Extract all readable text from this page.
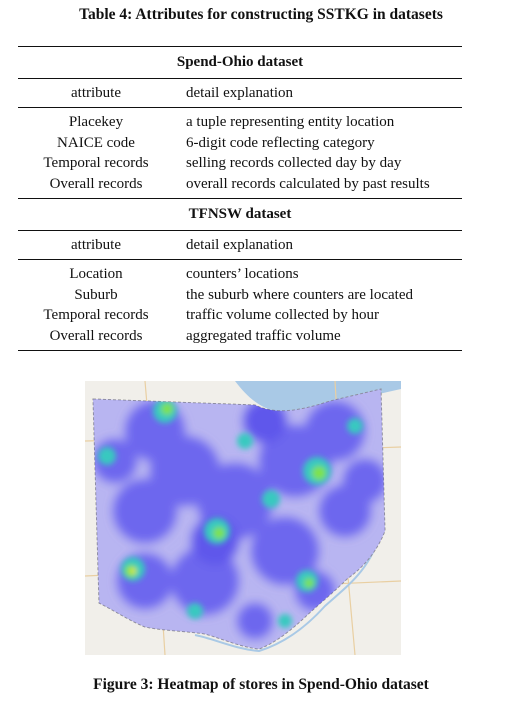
Table 4: Attributes for constructing SSTKG in datasets

Spend-Ohio dataset	
attribute	detail explanation
Placekey	a tuple representing entity location
NAICE code	6-digit code reflecting category
Temporal records	selling records collected day by day
Overall records	overall records calculated by past results
TFNSW dataset	
attribute	detail explanation
Location	counters’ locations
Suburb	the suburb where counters are located
Temporal records	traffic volume collected by hour
Overall records	aggregated traffic volume

Figure 3: Heatmap of stores in Spend-Ohio dataset
